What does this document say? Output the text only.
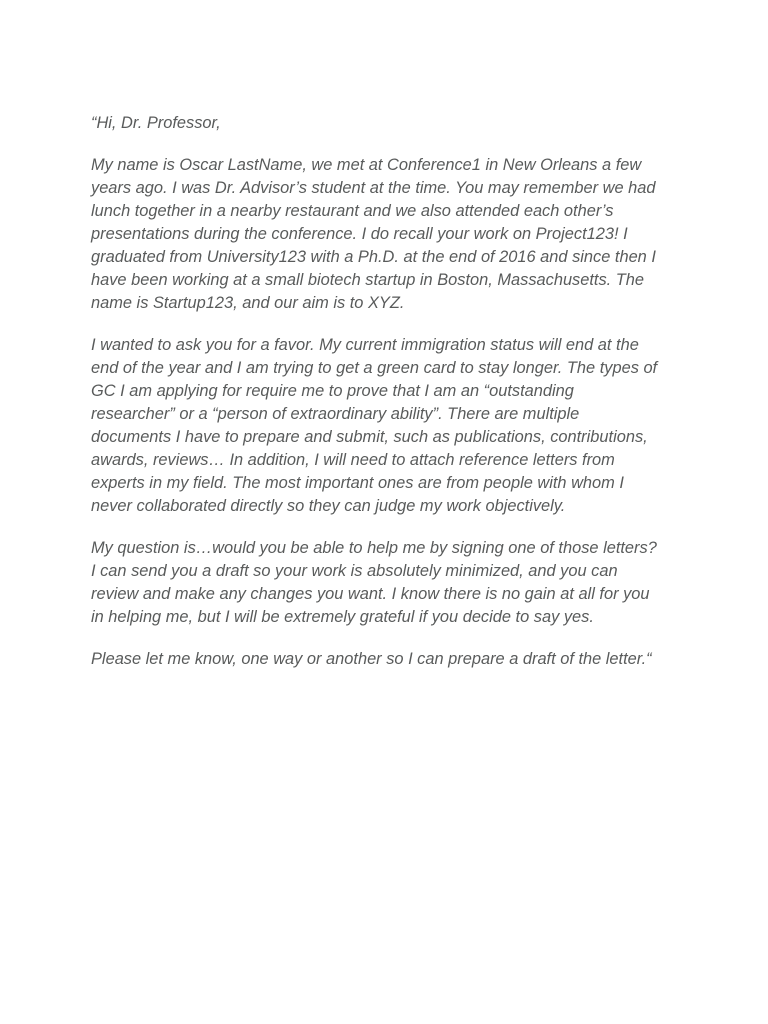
“Hi, Dr. Professor,

My name is Oscar LastName, we met at Conference1 in New Orleans a few
years ago. I was Dr. Advisor’s student at the time. You may remember we had
lunch together in a nearby restaurant and we also attended each other’s
presentations during the conference. I do recall your work on Project123! I
graduated from University123 with a Ph.D. at the end of 2016 and since then I
have been working at a small biotech startup in Boston, Massachusetts. The
name is Startup123, and our aim is to XYZ.

I wanted to ask you for a favor. My current immigration status will end at the
end of the year and I am trying to get a green card to stay longer. The types of
GC I am applying for require me to prove that I am an “outstanding
researcher” or a “person of extraordinary ability”. There are multiple
documents I have to prepare and submit, such as publications, contributions,
awards, reviews… In addition, I will need to attach reference letters from
experts in my field. The most important ones are from people with whom I
never collaborated directly so they can judge my work objectively.

My question is…would you be able to help me by signing one of those letters?
I can send you a draft so your work is absolutely minimized, and you can
review and make any changes you want. I know there is no gain at all for you
in helping me, but I will be extremely grateful if you decide to say yes.

Please let me know, one way or another so I can prepare a draft of the letter.“
